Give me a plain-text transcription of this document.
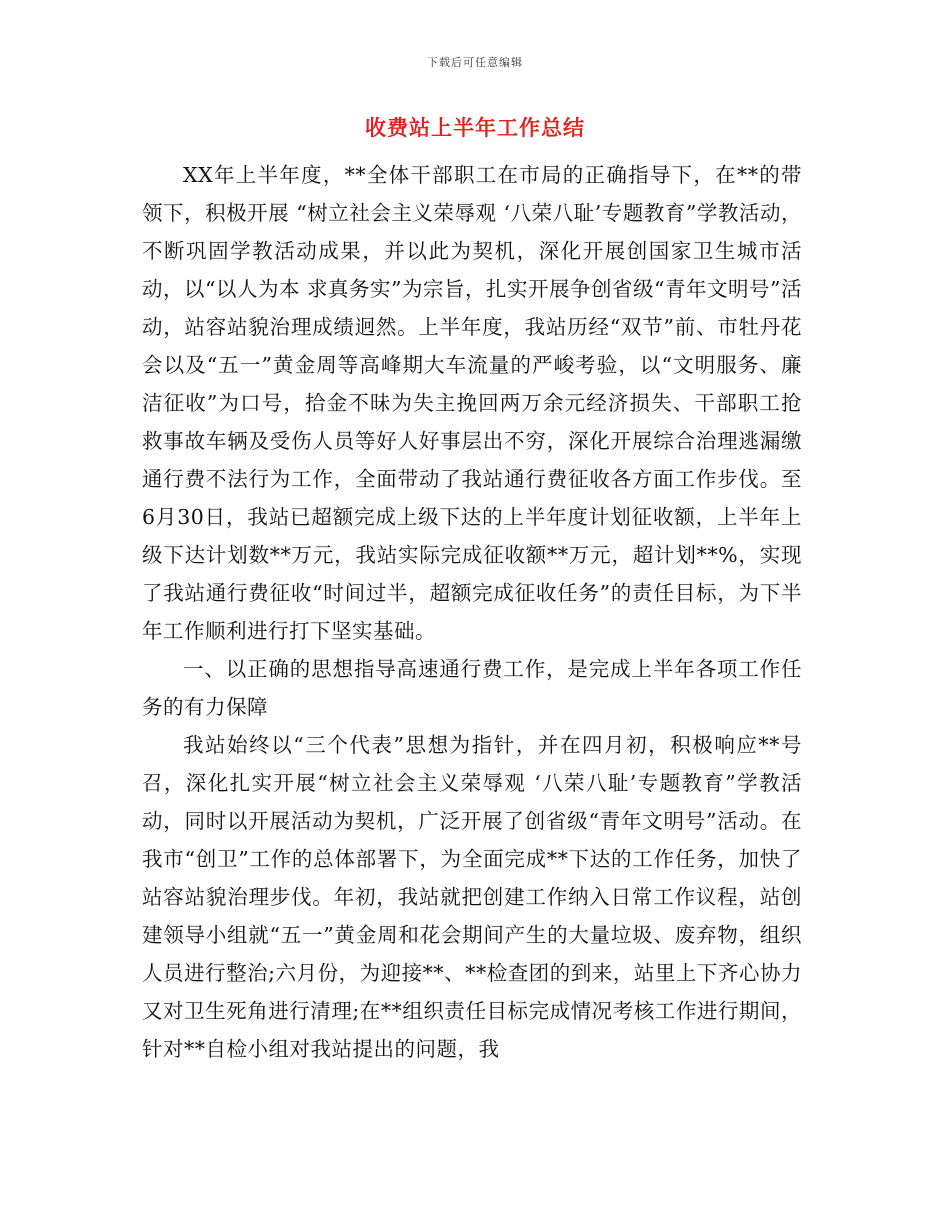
下载后可任意编辑
收费站上半年工作总结

XX年上半年度，**全体干部职工在市局的正确指导下，在**的带领下，积极开展 “树立社会主义荣辱观 ‘八荣八耻’专题教育”学教活动，不断巩固学教活动成果，并以此为契机，深化开展创国家卫生城市活动，以“以人为本 求真务实”为宗旨，扎实开展争创省级“青年文明号”活动，站容站貌治理成绩迥然。上半年度，我站历经“双节”前、市牡丹花会以及“五一”黄金周等高峰期大车流量的严峻考验，以“文明服务、廉洁征收”为口号，拾金不昧为失主挽回两万余元经济损失、干部职工抢救事故车辆及受伤人员等好人好事层出不穷，深化开展综合治理逃漏缴通行费不法行为工作，全面带动了我站通行费征收各方面工作步伐。至6月30日，我站已超额完成上级下达的上半年度计划征收额，上半年上级下达计划数**万元，我站实际完成征收额**万元，超计划**%，实现了我站通行费征收“时间过半，超额完成征收任务”的责任目标，为下半年工作顺利进行打下坚实基础。

一、以正确的思想指导高速通行费工作，是完成上半年各项工作任务的有力保障

我站始终以“三个代表”思想为指针，并在四月初，积极响应**号召，深化扎实开展“树立社会主义荣辱观 ‘八荣八耻’专题教育”学教活动，同时以开展活动为契机，广泛开展了创省级“青年文明号”活动。在我市“创卫”工作的总体部署下，为全面完成**下达的工作任务，加快了站容站貌治理步伐。年初，我站就把创建工作纳入日常工作议程，站创建领导小组就“五一”黄金周和花会期间产生的大量垃圾、废弃物，组织人员进行整治;六月份，为迎接**、**检查团的到来，站里上下齐心协力又对卫生死角进行清理;在**组织责任目标完成情况考核工作进行期间，针对**自检小组对我站提出的问题，我
